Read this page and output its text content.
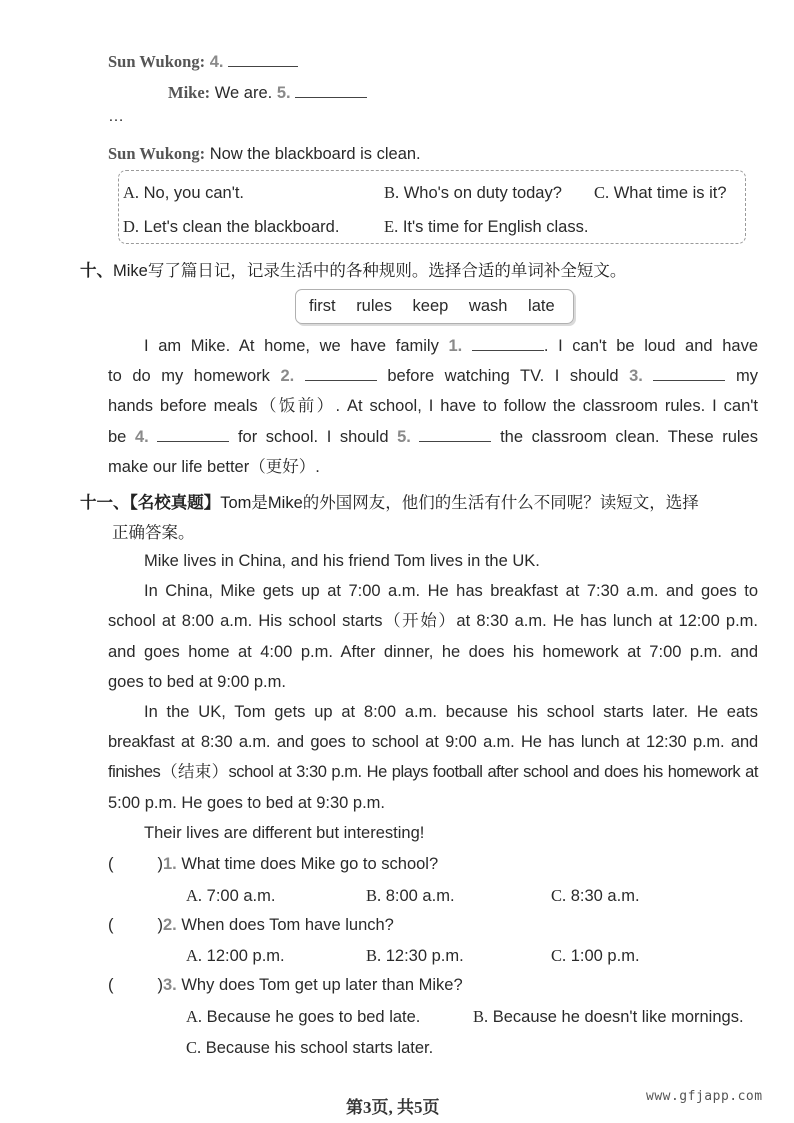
Sun Wukong: 4.
Mike: We are. 5.
…
Sun Wukong: Now the blackboard is clean.
A. No, you can't.	B. Who's on duty today? C. What time is it?
D. Let's clean the blackboard.	E. It's time for English class.
十、Mike写了篇日记，记录生活中的各种规则。选择合适的单词补全短文。
first rules keep wash late

I am Mike. At home, we have family 1.	. I can't be loud and have

to do my homework 2.	before watching TV. I should 3.	my

hands before meals（饭前）. At school, I have to follow the classroom rules. I can't

be 4.	for school. I should 5.	the classroom clean. These rules

make our life better（更好）.

十一、【名校真题】Tom是Mike的外国网友，他们的生活有什么不同呢？读短文，选择
正确答案。

Mike lives in China, and his friend Tom lives in the UK.

In China, Mike gets up at 7:00 a.m. He has breakfast at 7:30 a.m. and goes to

school at 8:00 a.m. His school starts（开始）at 8:30 a.m. He has lunch at 12:00 p.m.

and goes home at 4:00 p.m. After dinner, he does his homework at 7:00 p.m. and

goes to bed at 9:00 p.m.

In the UK, Tom gets up at 8:00 a.m. because his school starts later. He eats

breakfast at 8:30 a.m. and goes to school at 9:00 a.m. He has lunch at 12:30 p.m. and

finishes（结束）school at 3:30 p.m. He plays football after school and does his homework at

5:00 p.m. He goes to bed at 9:30 p.m.

Their lives are different but interesting!

(	)1. What time does Mike go to school?
A. 7:00 a.m.	B. 8:00 a.m.	C. 8:30 a.m.
(	)2. When does Tom have lunch?
A. 12:00 p.m.	B. 12:30 p.m.	C. 1:00 p.m.
(	)3. Why does Tom get up later than Mike?
A. Because he goes to bed late.	B. Because he doesn't like mornings.
C. Because his school starts later.
第3页, 共5页
www.gfjapp.com
